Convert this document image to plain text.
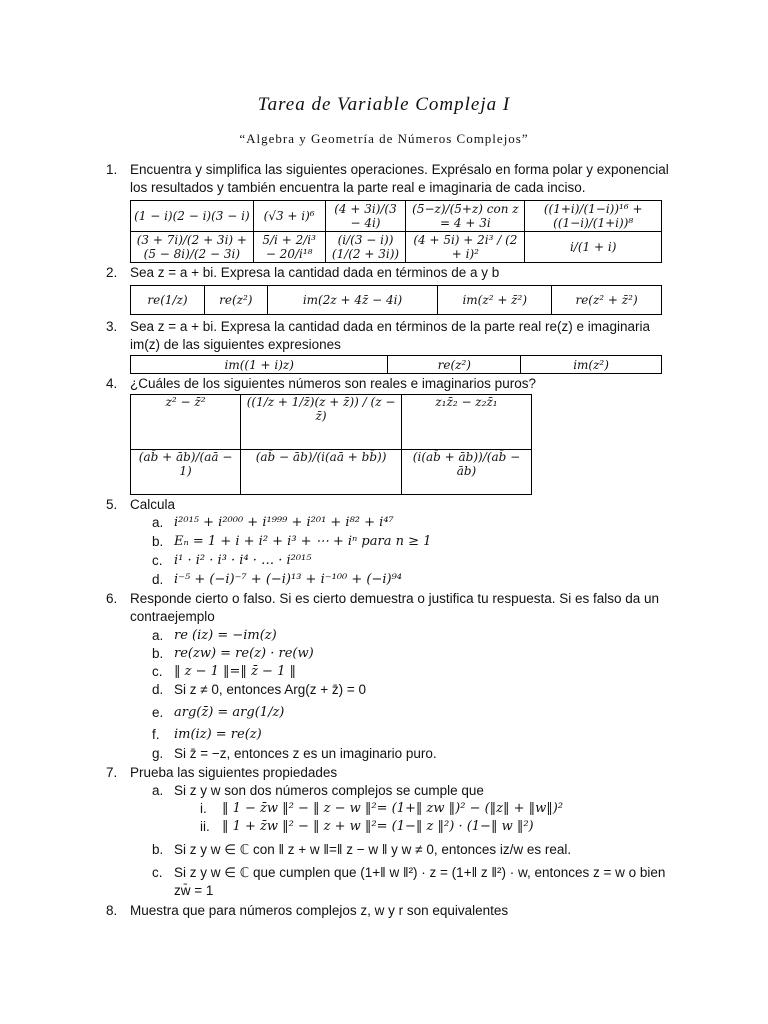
Tarea de Variable Compleja I
“Algebra y Geometría de Números Complejos”
1. Encuentra y simplifica las siguientes operaciones. Exprésalo en forma polar y exponencial los resultados y también encuentra la parte real e imaginaria de cada inciso.
(1 − i)(2 − i)(3 − i)	(√3 + i)⁶	(4 + 3i)/(3 − 4i)	(5−z)/(5+z) con z = 4 + 3i	((1+i)/(1−i))¹⁶ + ((1−i)/(1+i))⁸
(3 + 7i)/(2 + 3i) + (5 − 8i)/(2 − 3i)	5/i + 2/i³ − 20/i¹⁸	(i/(3 − i))(1/(2 + 3i))	(4 + 5i) + 2i³ / (2 + i)²	i/(1 + i)
2. Sea z = a + bi. Expresa la cantidad dada en términos de a y b
re(1/z)	re(z²)	im(2z + 4z̄ − 4i)	im(z² + z̄²)	re(z² + z̄²)
3. Sea z = a + bi. Expresa la cantidad dada en términos de la parte real re(z) e imaginaria im(z) de las siguientes expresiones
im((1 + i)z)	re(z²)	im(z²)
4. ¿Cuáles de los siguientes números son reales e imaginarios puros?
z² − z̄²	((1/z + 1/z̄)(z + z̄)) / (z − z̄)	z₁z̄₂ − z₂z̄₁
(ab̄ + āb)/(aā − 1)	(ab̄ − āb)/(i(aā + bb̄))	(i(ab̄ + āb))/(ab̄ − āb)
5. Calcula
a. i²⁰¹⁵ + i²⁰⁰⁰ + i¹⁹⁹⁹ + i²⁰¹ + i⁸² + i⁴⁷
b. Eₙ = 1 + i + i² + i³ + ⋯ + iⁿ para n ≥ 1
c. i¹ · i² · i³ · i⁴ · … · i²⁰¹⁵
d. i⁻⁵ + (−i)⁻⁷ + (−i)¹³ + i⁻¹⁰⁰ + (−i)⁹⁴
6. Responde cierto o falso. Si es cierto demuestra o justifica tu respuesta. Si es falso da un contraejemplo
a. re (iz) = −im(z)
b. re(zw) = re(z) · re(w)
c. ‖ z − 1 ‖=‖ z̄ − 1 ‖
d. Si z ≠ 0, entonces Arg(z + z̄) = 0
e. arg(z̄) = arg(1/z)
f. im(iz) = re(z)
g. Si z̄ = −z, entonces z es un imaginario puro.
7. Prueba las siguientes propiedades
a. Si z y w son dos números complejos se cumple que
i. ‖ 1 − z̄w ‖² − ‖ z − w ‖²= (1+‖ zw ‖)² − (‖z‖ + ‖w‖)²
ii. ‖ 1 + z̄w ‖² − ‖ z + w ‖²= (1−‖ z ‖²) · (1−‖ w ‖²)
b. Si z y w ∈ ℂ con ‖ z + w ‖=‖ z − w ‖ y w ≠ 0, entonces iz/w es real.
c. Si z y w ∈ ℂ que cumplen que (1+‖ w ‖²) · z = (1+‖ z ‖²) · w, entonces z = w o bien zw̄ = 1
8. Muestra que para números complejos z, w y r son equivalentes
